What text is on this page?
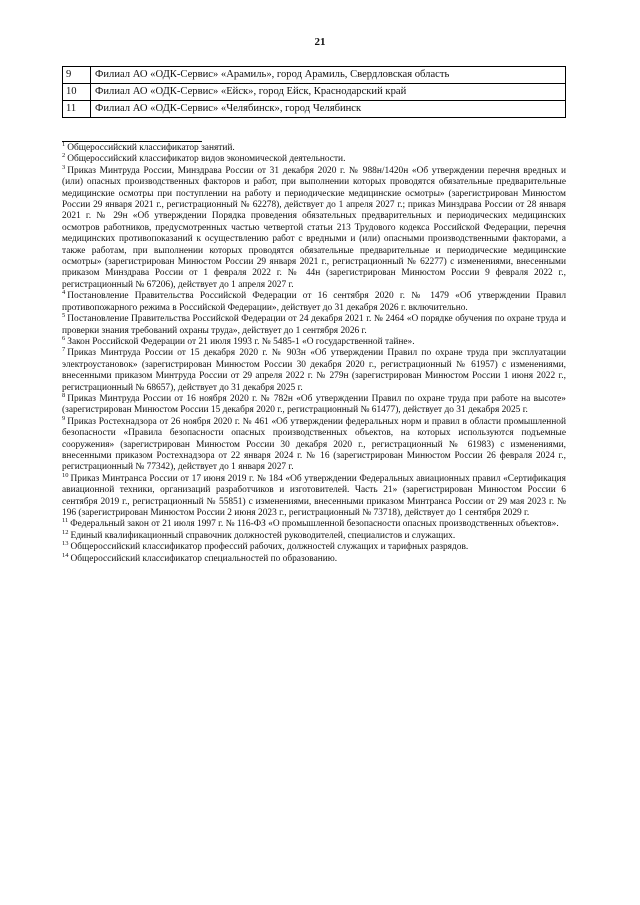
21
9	Филиал АО «ОДК-Сервис» «Арамиль», город Арамиль, Свердловская область
10	Филиал АО «ОДК-Сервис» «Ейск», город Ейск, Краснодарский край
11	Филиал АО «ОДК-Сервис» «Челябинск», город Челябинск

$^1$ Общероссийский классификатор занятий.

$^2$ Общероссийский классификатор видов экономической деятельности.

$^3$ Приказ Минтруда России, Минздрава России от 31 декабря 2020 г. № 988н/1420н «Об утверждении перечня вредных и (или) опасных производственных факторов и работ, при выполнении которых проводятся обязательные предварительные медицинские осмотры при поступлении на работу и периодические медицинские осмотры» (зарегистрирован Минюстом России 29 января 2021 г., регистрационный № 62278), действует до 1 апреля 2027 г.; приказ Минздрава России от 28 января 2021 г. № 29н «Об утверждении Порядка проведения обязательных предварительных и периодических медицинских осмотров работников, предусмотренных частью четвертой статьи 213 Трудового кодекса Российской Федерации, перечня медицинских противопоказаний к осуществлению работ с вредными и (или) опасными производственными факторами, а также работам, при выполнении которых проводятся обязательные предварительные и периодические медицинские осмотры» (зарегистрирован Минюстом России 29 января 2021 г., регистрационный № 62277) с изменениями, внесенными приказом Минздрава России от 1 февраля 2022 г. № 44н (зарегистрирован Минюстом России 9 февраля 2022 г., регистрационный № 67206), действует до 1 апреля 2027 г.

$^4$ Постановление Правительства Российской Федерации от 16 сентября 2020 г. № 1479 «Об утверждении Правил противопожарного режима в Российской Федерации», действует до 31 декабря 2026 г. включительно.

$^5$ Постановление Правительства Российской Федерации от 24 декабря 2021 г. № 2464 «О порядке обучения по охране труда и проверки знания требований охраны труда», действует до 1 сентября 2026 г.

$^6$ Закон Российской Федерации от 21 июля 1993 г. № 5485-1 «О государственной тайне».

$^7$ Приказ Минтруда России от 15 декабря 2020 г. № 903н «Об утверждении Правил по охране труда при эксплуатации электроустановок» (зарегистрирован Минюстом России 30 декабря 2020 г., регистрационный № 61957) с изменениями, внесенными приказом Минтруда России от 29 апреля 2022 г. № 279н (зарегистрирован Минюстом России 1 июня 2022 г., регистрационный № 68657), действует до 31 декабря 2025 г.

$^8$ Приказ Минтруда России от 16 ноября 2020 г. № 782н «Об утверждении Правил по охране труда при работе на высоте» (зарегистрирован Минюстом России 15 декабря 2020 г., регистрационный № 61477), действует до 31 декабря 2025 г.

$^9$ Приказ Ростехнадзора от 26 ноября 2020 г. № 461 «Об утверждении федеральных норм и правил в области промышленной безопасности «Правила безопасности опасных производственных объектов, на которых используются подъемные сооружения» (зарегистрирован Минюстом России 30 декабря 2020 г., регистрационный № 61983) с изменениями, внесенными приказом Ростехнадзора от 22 января 2024 г. № 16 (зарегистрирован Минюстом России 26 февраля 2024 г., регистрационный № 77342), действует до 1 января 2027 г.

$^{10}$ Приказ Минтранса России от 17 июня 2019 г. № 184 «Об утверждении Федеральных авиационных правил «Сертификация авиационной техники, организаций разработчиков и изготовителей. Часть 21» (зарегистрирован Минюстом России 6 сентября 2019 г., регистрационный № 55851) с изменениями, внесенными приказом Минтранса России от 29 мая 2023 г. № 196 (зарегистрирован Минюстом России 2 июня 2023 г., регистрационный № 73718), действует до 1 сентября 2029 г.

$^{11}$ Федеральный закон от 21 июля 1997 г. № 116-ФЗ «О промышленной безопасности опасных производственных объектов».

$^{12}$ Единый квалификационный справочник должностей руководителей, специалистов и служащих.

$^{13}$ Общероссийский классификатор профессий рабочих, должностей служащих и тарифных разрядов.

$^{14}$ Общероссийский классификатор специальностей по образованию.
